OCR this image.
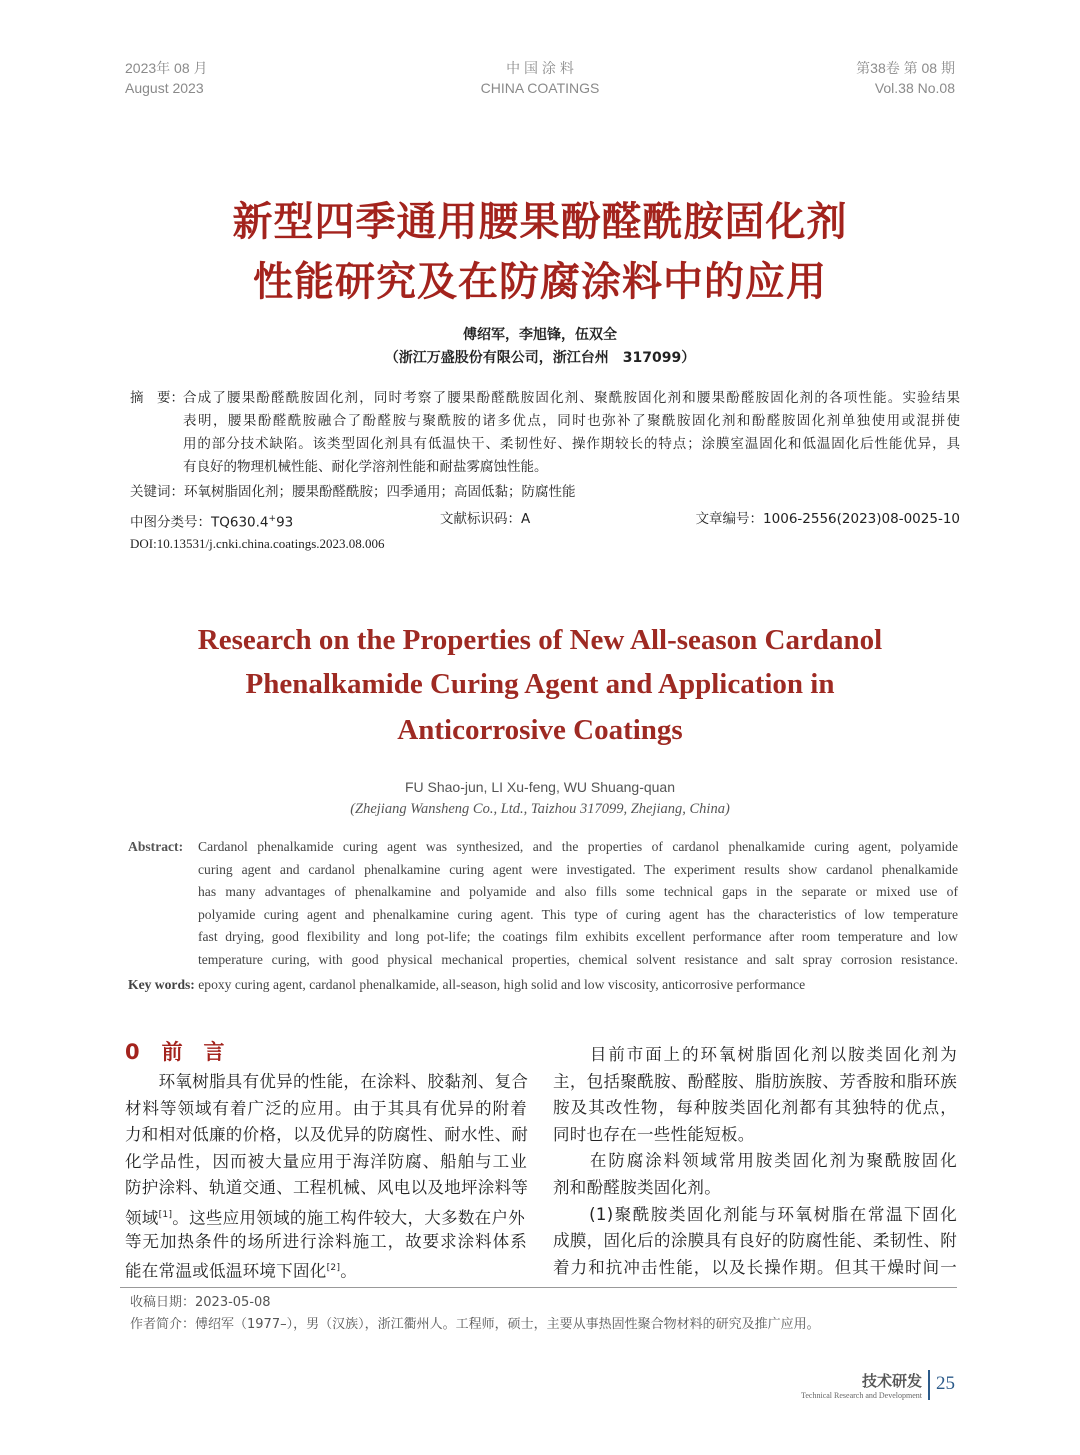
2023年 08 月
August 2023
中 国 涂 料
CHINA COATINGS
第38卷 第 08 期
Vol.38 No.08
新型四季通用腰果酚醛酰胺固化剂
性能研究及在防腐涂料中的应用
傅绍军，李旭锋，伍双全
（浙江万盛股份有限公司，浙江台州　317099）
摘　要： 合成了腰果酚醛酰胺固化剂，同时考察了腰果酚醛酰胺固化剂、聚酰胺固化剂和腰果酚醛胺固化剂的各项性能。实验结果
表明，腰果酚醛酰胺融合了酚醛胺与聚酰胺的诸多优点，同时也弥补了聚酰胺固化剂和酚醛胺固化剂单独使用或混拼使
用的部分技术缺陷。该类型固化剂具有低温快干、柔韧性好、操作期较长的特点；涂膜室温固化和低温固化后性能优异，具
有良好的物理机械性能、耐化学溶剂性能和耐盐雾腐蚀性能。
关键词：环氧树脂固化剂；腰果酚醛酰胺；四季通用；高固低黏；防腐性能
中图分类号：TQ630.4+93	文献标识码：A	文章编号：1006-2556(2023)08-0025-10
DOI:10.13531/j.cnki.china.coatings.2023.08.006
Research on the Properties of New All-season Cardanol
Phenalkamide Curing Agent and Application in
Anticorrosive Coatings
FU Shao-jun, LI Xu-feng, WU Shuang-quan
(Zhejiang Wansheng Co., Ltd., Taizhou 317099, Zhejiang, China)
Abstract: Cardanol phenalkamide curing agent was synthesized, and the properties of cardanol phenalkamide curing agent, polyamide
curing agent and cardanol phenalkamine curing agent were investigated. The experiment results show cardanol phenalkamide
has many advantages of phenalkamine and polyamide and also fills some technical gaps in the separate or mixed use of
polyamide curing agent and phenalkamine curing agent. This type of curing agent has the characteristics of low temperature
fast drying, good flexibility and long pot-life; the coatings film exhibits excellent performance after room temperature and low
temperature curing, with good physical mechanical properties, chemical solvent resistance and salt spray corrosion resistance.
Key words: epoxy curing agent, cardanol phenalkamide, all-season, high solid and low viscosity, anticorrosive performance
0 前　言
　　环氧树脂具有优异的性能，在涂料、胶黏剂、复合
材料等领域有着广泛的应用。由于其具有优异的附着
力和相对低廉的价格，以及优异的防腐性、耐水性、耐
化学品性，因而被大量应用于海洋防腐、船舶与工业
防护涂料、轨道交通、工程机械、风电以及地坪涂料等
领域[1]。这些应用领域的施工构件较大，大多数在户外
等无加热条件的场所进行涂料施工，故要求涂料体系
能在常温或低温环境下固化[2]。
　　目前市面上的环氧树脂固化剂以胺类固化剂为
主，包括聚酰胺、酚醛胺、脂肪族胺、芳香胺和脂环族
胺及其改性物，每种胺类固化剂都有其独特的优点，
同时也存在一些性能短板。
　　在防腐涂料领域常用胺类固化剂为聚酰胺固化
剂和酚醛胺类固化剂。
　　(1)聚酰胺类固化剂能与环氧树脂在常温下固化
成膜，固化后的涂膜具有良好的防腐性能、柔韧性、附
着力和抗冲击性能，以及长操作期。但其干燥时间一
收稿日期：2023-05-08
作者简介：傅绍军（1977–），男（汉族），浙江衢州人。工程师，硕士，主要从事热固性聚合物材料的研究及推广应用。
技术研发
Technical Research and Development
25
